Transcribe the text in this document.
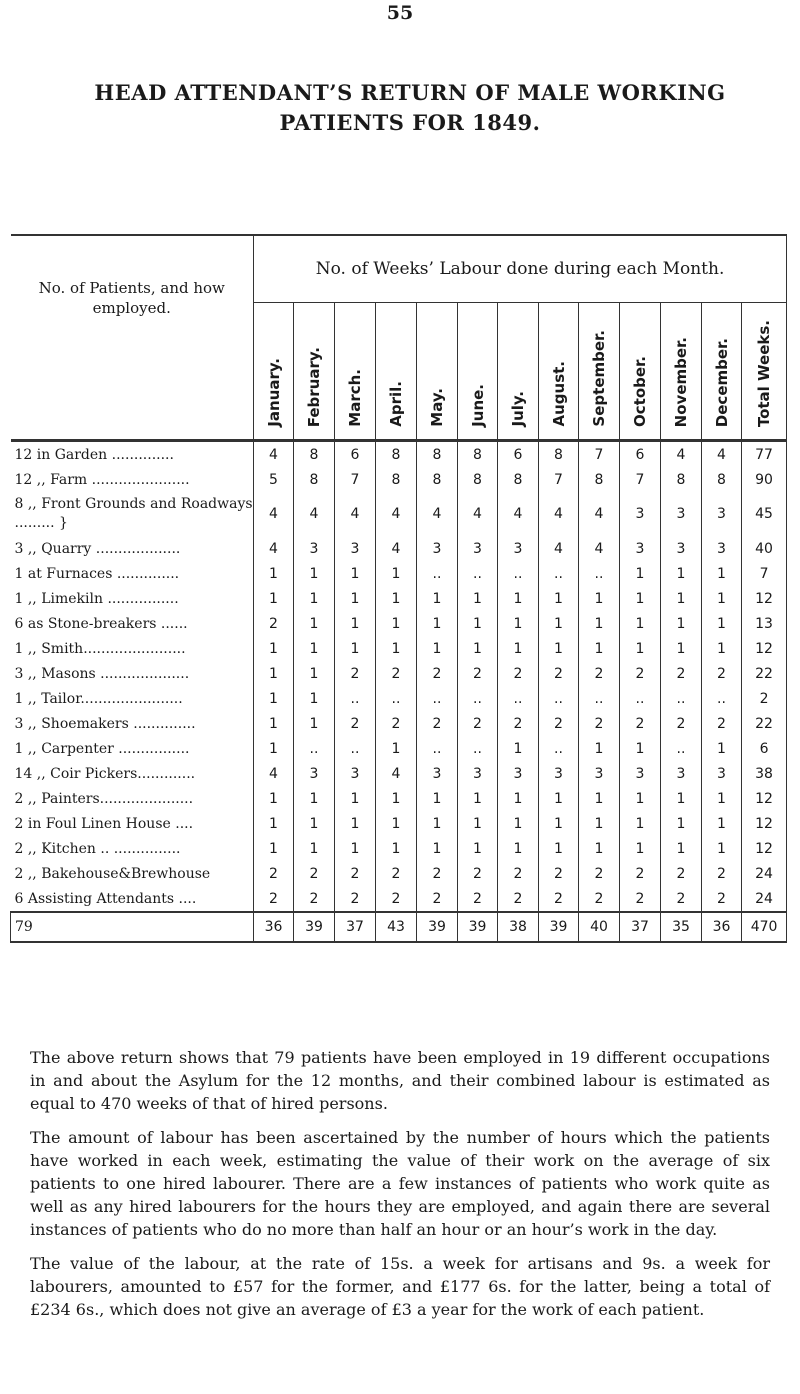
55
HEAD ATTENDANT’S RETURN OF MALE WORKING
PATIENTS FOR 1849.
No. of Patients, and how employed.	No. of Weeks’ Labour done during each Month.												
	January.	February.	March.	April.	May.	June.	July.	August.	September.	October.	November.	December.	Total Weeks.
12 in Garden ..............	4	8	6	8	8	8	6	8	7	6	4	4	77
12 ,, Farm ......................	5	8	7	8	8	8	8	7	8	7	8	8	90
8 ,, Front Grounds and Roadways ......... }	4	4	4	4	4	4	4	4	4	3	3	3	45
3 ,, Quarry ...................	4	3	3	4	3	3	3	4	4	3	3	3	40
1 at Furnaces ..............	1	1	1	1	..	..	..	..	..	1	1	1	7
1 ,, Limekiln ................	1	1	1	1	1	1	1	1	1	1	1	1	12
6 as Stone-breakers ......	2	1	1	1	1	1	1	1	1	1	1	1	13
1 ,, Smith.......................	1	1	1	1	1	1	1	1	1	1	1	1	12
3 ,, Masons ....................	1	1	2	2	2	2	2	2	2	2	2	2	22
1 ,, Tailor.......................	1	1	..	..	..	..	..	..	..	..	..	..	2
3 ,, Shoemakers ..............	1	1	2	2	2	2	2	2	2	2	2	2	22
1 ,, Carpenter ................	1	..	..	1	..	..	1	..	1	1	..	1	6
14 ,, Coir Pickers.............	4	3	3	4	3	3	3	3	3	3	3	3	38
2 ,, Painters.....................	1	1	1	1	1	1	1	1	1	1	1	1	12
2 in Foul Linen House ....	1	1	1	1	1	1	1	1	1	1	1	1	12
2 ,, Kitchen .. ...............	1	1	1	1	1	1	1	1	1	1	1	1	12
2 ,, Bakehouse&Brewhouse	2	2	2	2	2	2	2	2	2	2	2	2	24
6 Assisting Attendants ....	2	2	2	2	2	2	2	2	2	2	2	2	24
79	36	39	37	43	39	39	38	39	40	37	35	36	470
The above return shows that 79 patients have been employed in 19 different occupations in and about the Asylum for the 12 months, and their combined labour is estimated as equal to 470 weeks of that of hired persons.
The amount of labour has been ascertained by the number of hours which the patients have worked in each week, estimating the value of their work on the average of six patients to one hired labourer. There are a few instances of patients who work quite as well as any hired labourers for the hours they are employed, and again there are several instances of patients who do no more than half an hour or an hour’s work in the day.
The value of the labour, at the rate of 15s. a week for artisans and 9s. a week for labourers, amounted to £57 for the former, and £177 6s. for the latter, being a total of £234 6s., which does not give an average of £3 a year for the work of each patient.
